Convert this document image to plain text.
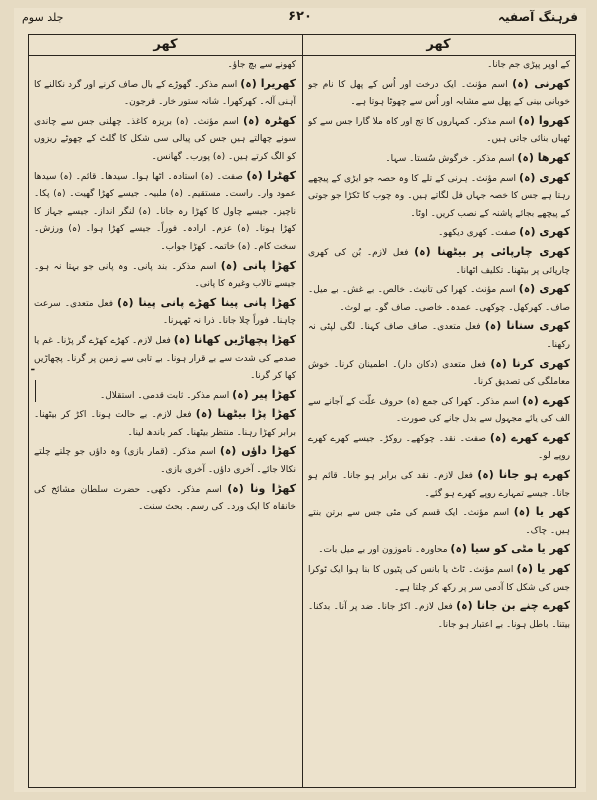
فرہنگ آصفیہ
۶۲۰
جلد سوم
کھر
کھر

کے اوپر پپڑی جم جانا۔

کھرنی (ہ) اسم مؤنث۔ ایک درخت اور اُس کے پھل کا نام جو خوبانی بینی کے پھل سے مشابہ اور اُس سے چھوٹا ہوتا ہے۔

کھروا (ہ) اسم مذکر۔ کمہاروں کا تج اور کاہ ملا گارا جس سے کو ٹھیاں بنائی جاتی ہیں۔

کھرھا (ہ) اسم مذکر۔ خرگوش سُستا۔ سہا۔

کھری (ہ) اسم مؤنث۔ ہرنی کے تلے کا وہ حصہ جو ایڑی کے پیچھے رہتا ہے جس کا خصہ جہاں فل لگاتے ہیں۔ وہ چوب کا ٹکڑا جو جوتی کے پیچھے بجائے پاشنہ کے نصب کریں۔ اوٹا۔

کھری (ہ) صفت۔ کھری دیکھو۔

کھری چارپائی پر بیٹھنا (ہ) فعل لازم۔ بُن کی کھری چارپائی پر بیٹھنا۔ تکلیف اٹھانا۔

کھری (ہ) اسم مؤنث۔ کھرا کی تانیث۔ خالص۔ بے غش۔ بے میل۔ صاف۔ کھرکھل۔ چوکھی۔ عمدہ۔ خاصی۔ صاف گو۔ بے لوث۔

کھری سنانا (ہ) فعل متعدی۔ صاف صاف کہنا۔ لگی لپٹی نہ رکھنا۔

کھری کرنا (ہ) فعل متعدی (دکان دار)۔ اطمینان کرنا۔ خوش معاملگی کی تصدیق کرنا۔

کھرے (ہ) اسم مذکر۔ کھرا کی جمع (ہ) حروف علّت کے آجانے سے الف کی یائے مجہول سے بدل جانے کی صورت۔

کھرے کھرے (ہ) صفت۔ نقد۔ چوکھے۔ روکڑ۔ جیسے کھرے کھرے روپے لو۔

کھرے ہو جانا (ہ) فعل لازم۔ نقد کی برابر ہو جانا۔ قائم ہو جانا۔ جیسے تمہارے روپے کھرے ہو گئے۔

کھر یا (ہ) اسم مؤنث۔ ایک قسم کی مٹی جس سے برتن بنتے ہیں۔ چاک۔

کھر یا مٹی کو سیا (ہ) محاورہ۔ ناموزون اور بے میل بات۔

کھر یا (ہ) اسم مؤنث۔ ٹاٹ یا بانس کی پٹیوں کا بنا ہوا ایک ٹوکرا جس کی شکل کا آدمی سر پر رکھ کر چلتا ہے۔

کھرے چنے بن جانا (ہ) فعل لازم۔ اکڑ جانا۔ ضد پر آنا۔ بدکنا۔ بیتنا۔ باطل ہونا۔ بے اعتبار ہو جانا۔

کھونے سے بچ جاؤ۔

کھریرا (ہ) اسم مذکر۔ گھوڑے کے بال صاف کرنے اور گرد نکالنے کا آہنی آلہ۔ کھرکھرا۔ شانہ ستور خار۔ فرجون۔

کھٹرہ (ہ) اسم مؤنث۔ (ہ) بریزہ کاغذ۔ چھلنی جس سے چاندی سونے چھالتے ہیں جس کی پیالی سی شکل کا گلٹ کے چھوٹے ریزوں کو الگ کرتے ہیں۔ (ہ) پورب۔ گھانس۔

کھٹرا (ہ) صفت۔ (ہ) استادہ۔ اٹھا ہوا۔ سیدھا۔ قائم۔ (ہ) سیدھا عمود وار۔ راست۔ مستقیم۔ (ہ) ملبیہ۔ جیسے کھڑا گھیت۔ (ہ) پکا۔ ناچیز۔ جیسے چاول کا کھڑا رہ جانا۔ (ہ) لنگر انداز۔ جیسے جہاز کا کھڑا ہونا۔ (ہ) عزم۔ ارادہ۔ فوراً۔ جیسے کھڑا ہوا۔ (ہ) ورزش۔ سخت کام۔ (ہ) خاتمہ۔ کھڑا جواب۔

کھڑا پانی (ہ) اسم مذکر۔ بند پانی۔ وہ پانی جو بہتا نہ ہو۔ جیسے تالاب وغیرہ کا پانی۔

کھڑا پانی پینا کھڑے پانی پینا (ہ) فعل متعدی۔ سرعت چاہنا۔ فوراً چلا جانا۔ ذرا نہ ٹھہرنا۔

کھڑا پچھاڑیں کھانا (ہ) فعل لازم۔ کھڑے کھڑے گر پڑنا۔ غم یا صدمے کی شدت سے بے قرار ہونا۔ بے تابی سے زمین پر گرنا۔ پچھاڑیں کھا کر گرنا۔

کھڑا پیر (ہ) اسم مذکر۔ ثابت قدمی۔ استقلال۔

کھڑا پڑا بیٹھنا (ہ) فعل لازم۔ بے حالت ہونا۔ اکڑ کر بیٹھنا۔ برابر کھڑا رہنا۔ منتظر بیٹھنا۔ کمر باندھ لینا۔

کھڑا داؤں (ہ) اسم مذکر۔ (قمار بازی) وہ داؤں جو چلتے چلتے نکالا جائے۔ آخری داؤں۔ آخری بازی۔

کھڑا ونا (ہ) اسم مذکر۔ دکھی۔ حضرت سلطان مشائخ کی خانقاہ کا ایک ورد۔ کی رسم۔ بحث سنت۔

۔
